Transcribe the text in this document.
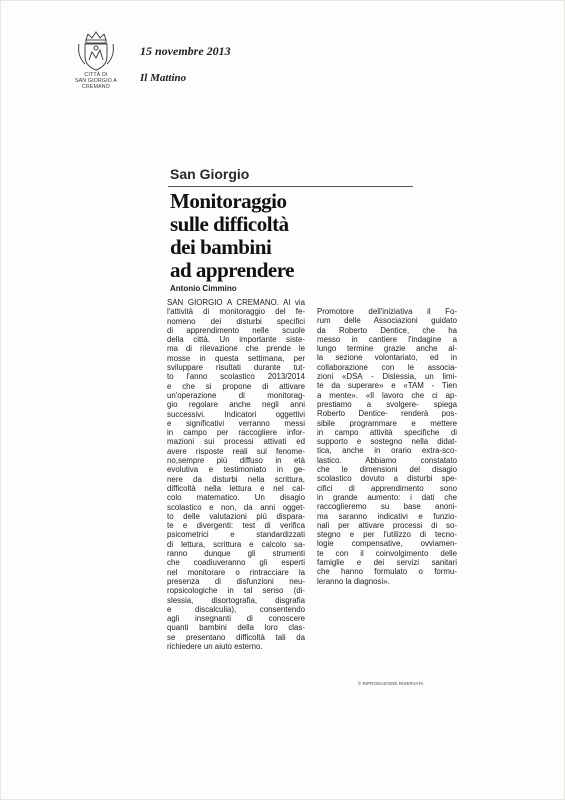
CITTÀ DI
SAN GIORGIO A CREMANO
15 novembre 2013
Il Mattino
San Giorgio
Monitoraggio
sulle difficoltà
dei bambini
ad apprendere
Antonio Cimmino
SAN GIORGIO A CREMANO. Al via
l'attività di monitoraggio del fe-
nomeno dei disturbi specifici
di apprendimento nelle scuole
della città. Un importante siste-
ma di rilevazione che prende le
mosse in questa settimana, per
sviluppare risultati durante tut-
to l'anno scolastico 2013/2014
e che si propone di attivare
un'operazione di monitorag-
gio regolare anche negli anni
successivi. Indicatori oggettivi
e significativi verranno messi
in campo per raccogliere infor-
mazioni sui processi attivati ed
avere risposte reali sul fenome-
no,sempre più diffuso in età
evolutiva e testimoniato in ge-
nere da disturbi nella scrittura,
difficoltà nella lettura e nel cal-
colo matematico. Un disagio
scolastico e non, da anni ogget-
to delle valutazioni più dispara-
te e divergenti: test di verifica
psicometrici e standardizzati
di lettura, scrittura e calcolo sa-
ranno dunque gli strumenti
che coadiuveranno gli esperti
nel monitorare o rintracciare la
presenza di disfunzioni neu-
ropsicologiche in tal senso (di-
slessia, disortografia, disgrafia
e discalculia), consentendo
agli insegnanti di conoscere
quanti bambini della loro clas-
se presentano difficoltà tali da
richiedere un aiuto esterno.
Promotore dell'iniziativa il Fo-
rum delle Associazioni guidato
da Roberto Dentice, che ha
messo in cantiere l'indagine a
lungo termine grazie anche al-
la sezione volontariato, ed in
collaborazione con le associa-
zioni «DSA - Dislessia, un limi-
te da superare» e «TAM - Tien
a mente». «Il lavoro che ci ap-
prestiamo a svolgere- spiega
Roberto Dentice- renderà pos-
sibile programmare e mettere
in campo attività specifiche di
supporto e sostegno nella didat-
tica, anche in orario extra-sco-
lastico. Abbiamo constatato
che le dimensioni del disagio
scolastico dovuto a disturbi spe-
cifici di apprendimento sono
in grande aumento: i dati che
raccoglieremo su base anoni-
ma saranno indicativi e funzio-
nali per attivare processi di so-
stegno e per l'utilizzo di tecno-
logie compensative, ovviamen-
te con il coinvolgimento delle
famiglie e dei servizi sanitari
che hanno formulato o formu-
leranno la diagnosi».
© RIPRODUZIONE RISERVATA
